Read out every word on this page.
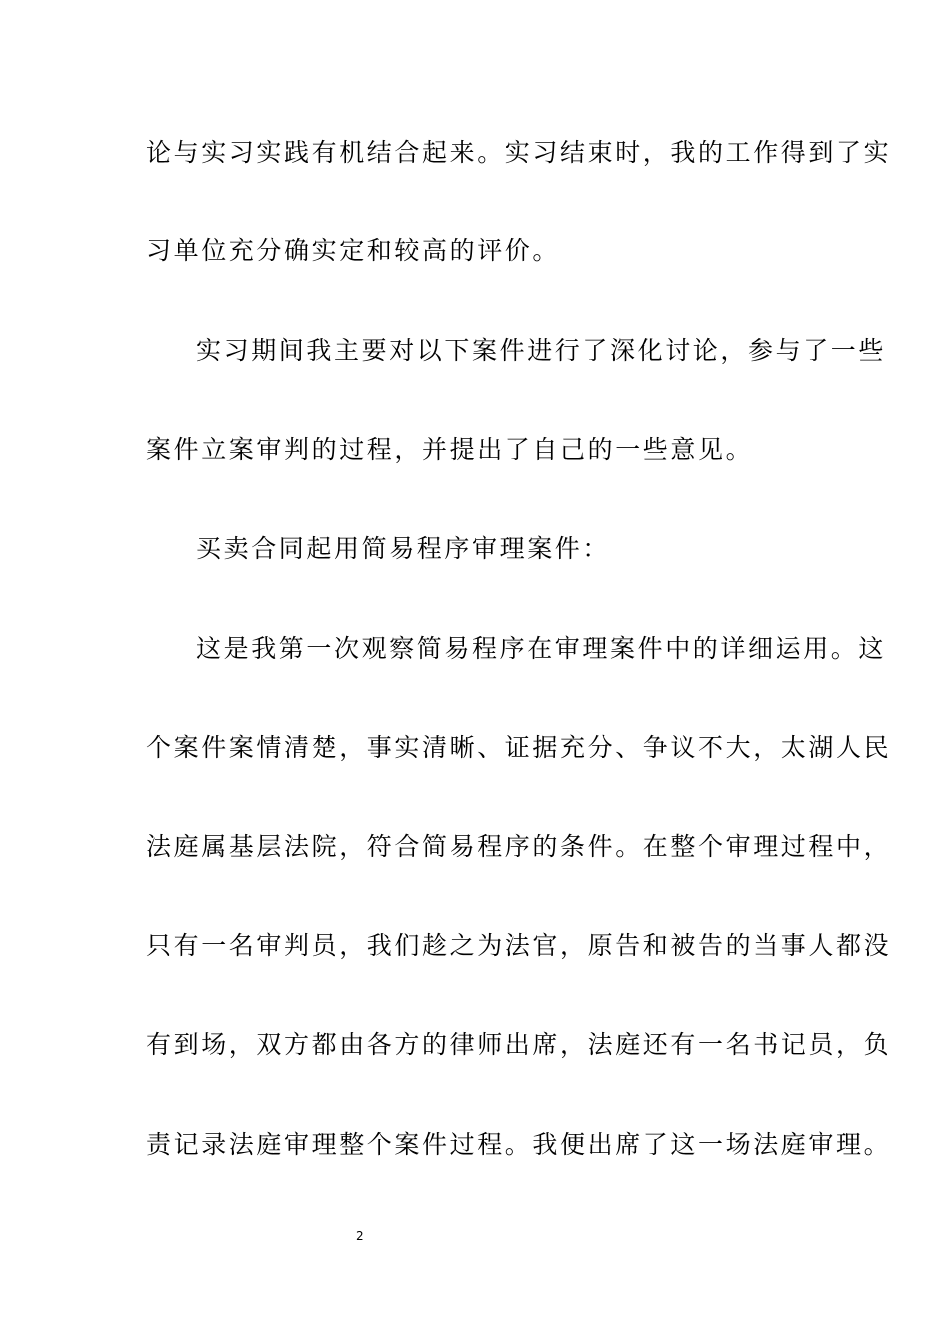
论与实习实践有机结合起来。实习结束时，我的工作得到了实
习单位充分确实定和较高的评价。
实习期间我主要对以下案件进行了深化讨论，参与了一些
案件立案审判的过程，并提出了自己的一些意见。
买卖合同起用简易程序审理案件：
这是我第一次观察简易程序在审理案件中的详细运用。这
个案件案情清楚，事实清晰、证据充分、争议不大，太湖人民
法庭属基层法院，符合简易程序的条件。在整个审理过程中，
只有一名审判员，我们趁之为法官，原告和被告的当事人都没
有到场，双方都由各方的律师出席，法庭还有一名书记员，负
责记录法庭审理整个案件过程。我便出席了这一场法庭审理。
2
